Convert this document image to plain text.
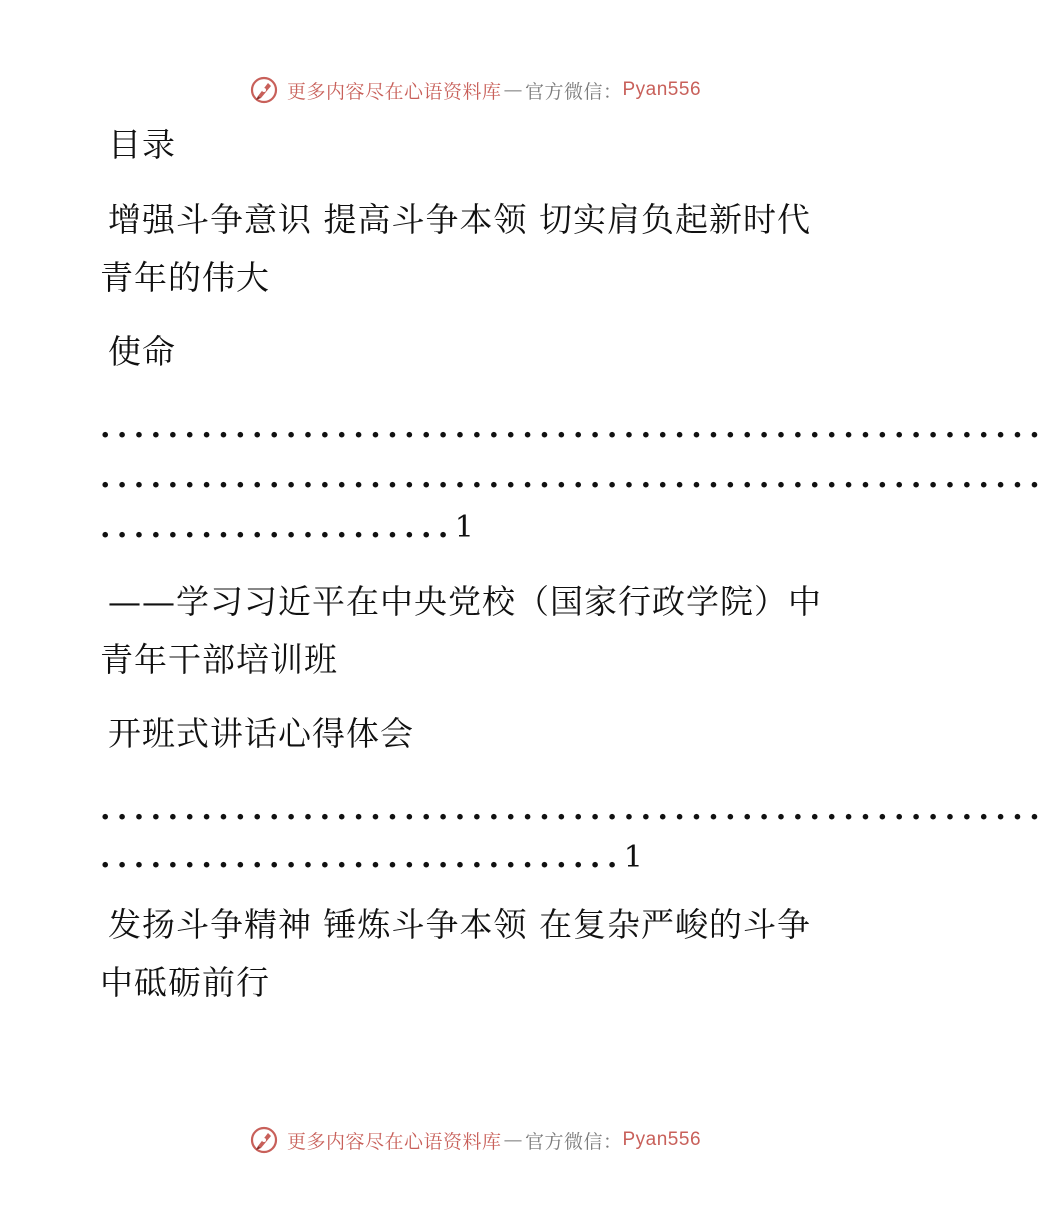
更多内容尽在心语资料库 — 官方微信： Pyan556
目录
增强斗争意识 提高斗争本领 切实肩负起新时代
青年的伟大
使命
........................................................
........................................................
.....................1
——学习习近平在中央党校（国家行政学院）中
青年干部培训班
开班式讲话心得体会
........................................................
...............................1
发扬斗争精神 锤炼斗争本领 在复杂严峻的斗争
中砥砺前行
更多内容尽在心语资料库 — 官方微信： Pyan556
